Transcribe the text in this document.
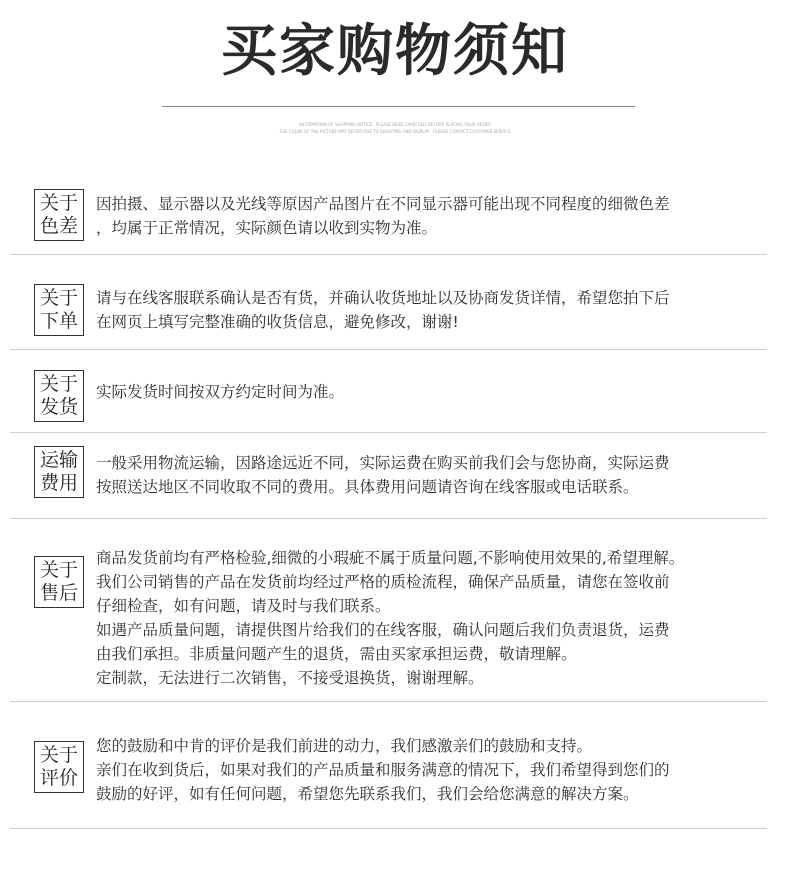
买家购物须知
INFORMATION OF SHOPPING NOTICE · PLEASE READ CAREFULLY BEFORE PLACING YOUR ORDER
THE COLOR OF THE PICTURE MAY DIFFER DUE TO SHOOTING AND DISPLAY · PLEASE CONTACT CUSTOMER SERVICE
关于
色差

因拍摄、显示器以及光线等原因产品图片在不同显示器可能出现不同程度的细微色差

，均属于正常情况，实际颜色请以收到实物为准。

关于
下单

请与在线客服联系确认是否有货，并确认收货地址以及协商发货详情，希望您拍下后

在网页上填写完整准确的收货信息，避免修改，谢谢!

关于
发货

实际发货时间按双方约定时间为准。

运输
费用

一般采用物流运输，因路途远近不同，实际运费在购买前我们会与您协商，实际运费

按照送达地区不同收取不同的费用。具体费用问题请咨询在线客服或电话联系。

关于
售后

商品发货前均有严格检验,细微的小瑕疵不属于质量问题,不影响使用效果的,希望理解。

我们公司销售的产品在发货前均经过严格的质检流程，确保产品质量，请您在签收前

仔细检查，如有问题，请及时与我们联系。

如遇产品质量问题，请提供图片给我们的在线客服，确认问题后我们负责退货，运费

由我们承担。非质量问题产生的退货，需由买家承担运费，敬请理解。

定制款，无法进行二次销售，不接受退换货，谢谢理解。

关于
评价

您的鼓励和中肯的评价是我们前进的动力，我们感激亲们的鼓励和支持。

亲们在收到货后，如果对我们的产品质量和服务满意的情况下，我们希望得到您们的

鼓励的好评，如有任何问题，希望您先联系我们，我们会给您满意的解决方案。
